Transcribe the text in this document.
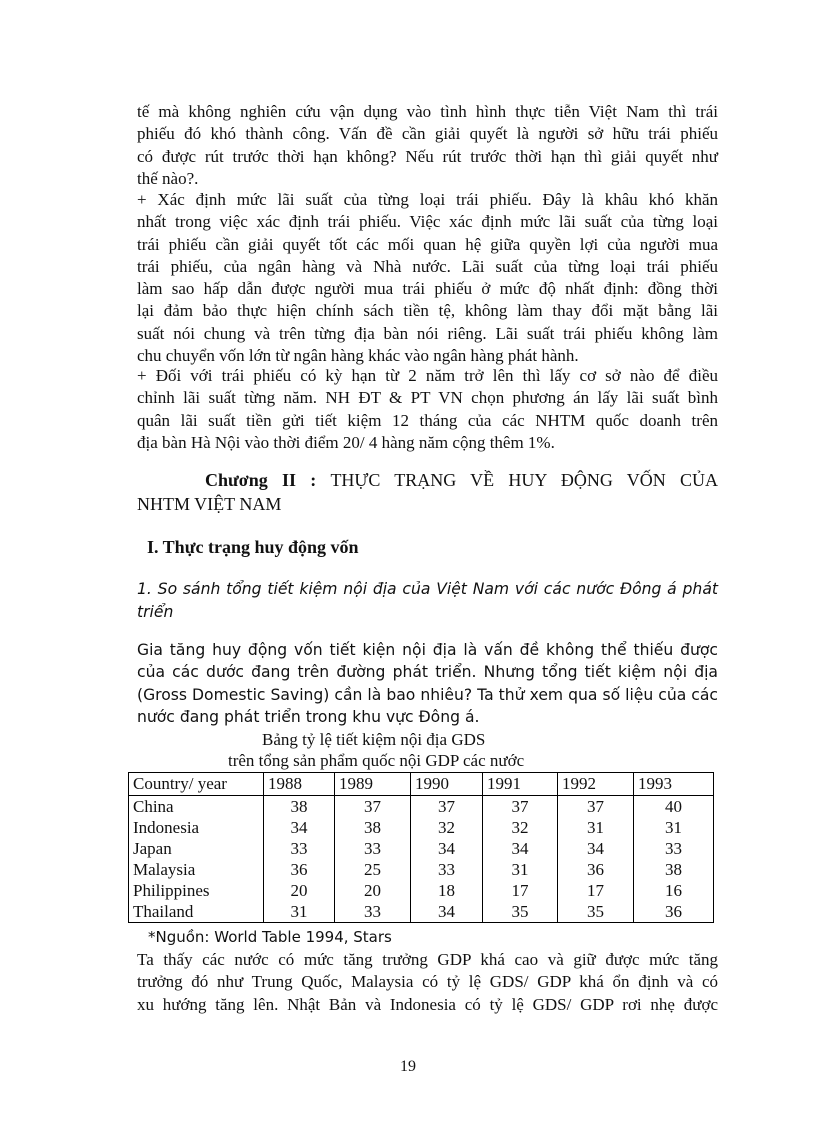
tế mà không nghiên cứu vận dụng vào tình hình thực tiễn Việt Nam thì trái
phiếu đó khó thành công. Vấn đề cần giải quyết là người sở hữu trái phiếu
có được rút trước thời hạn không? Nếu rút trước thời hạn thì giải quyết như
thế nào?.
+ Xác định mức lãi suất của từng loại trái phiếu. Đây là khâu khó khăn
nhất trong việc xác định trái phiếu. Việc xác định mức lãi suất của từng loại
trái phiếu cần giải quyết tốt các mối quan hệ giữa quyền lợi của người mua
trái phiếu, của ngân hàng và Nhà nước. Lãi suất của từng loại trái phiếu
làm sao hấp dẫn được người mua trái phiếu ở mức độ nhất định: đồng thời
lại đảm bảo thực hiện chính sách tiền tệ, không làm thay đổi mặt bằng lãi
suất nói chung và trên từng địa bàn nói riêng. Lãi suất trái phiếu không làm
chu chuyển vốn lớn từ ngân hàng khác vào ngân hàng phát hành.
+ Đối với trái phiếu có kỳ hạn từ 2 năm trở lên thì lấy cơ sở nào để điều
chỉnh lãi suất từng năm. NH ĐT & PT VN chọn phương án lấy lãi suất bình
quân lãi suất tiền gửi tiết kiệm 12 tháng của các NHTM quốc doanh trên
địa bàn Hà Nội vào thời điểm 20/ 4 hàng năm cộng thêm 1%.
Chương II : THỰC TRẠNG VỀ HUY ĐỘNG VỐN CỦA
NHTM VIỆT NAM
I. Thực trạng huy động vốn
1. So sánh tổng tiết kiệm nội địa của Việt Nam với các nước Đông á phát
triển
Gia tăng huy động vốn tiết kiện nội địa là vấn đề không thể thiếu được
của các dước đang trên đường phát triển. Nhưng tổng tiết kiệm nội địa
(Gross Domestic Saving) cần là bao nhiêu? Ta thử xem qua số liệu của các
nước đang phát triển trong khu vực Đông á.
Bảng tỷ lệ tiết kiệm nội địa GDS
trên tổng sản phẩm quốc nội GDP các nước
Country/ year	1988	1989	1990	1991	1992	1993
China	38	37	37	37	37	40
Indonesia	34	38	32	32	31	31
Japan	33	33	34	34	34	33
Malaysia	36	25	33	31	36	38
Philippines	20	20	18	17	17	16
Thailand	31	33	34	35	35	36
*Nguồn: World Table 1994, Stars
Ta thấy các nước có mức tăng trưởng GDP khá cao và giữ được mức tăng
trưởng đó như Trung Quốc, Malaysia có tỷ lệ GDS/ GDP khá ổn định và có
xu hướng tăng lên. Nhật Bản và Indonesia có tỷ lệ GDS/ GDP rơi nhẹ được
19
